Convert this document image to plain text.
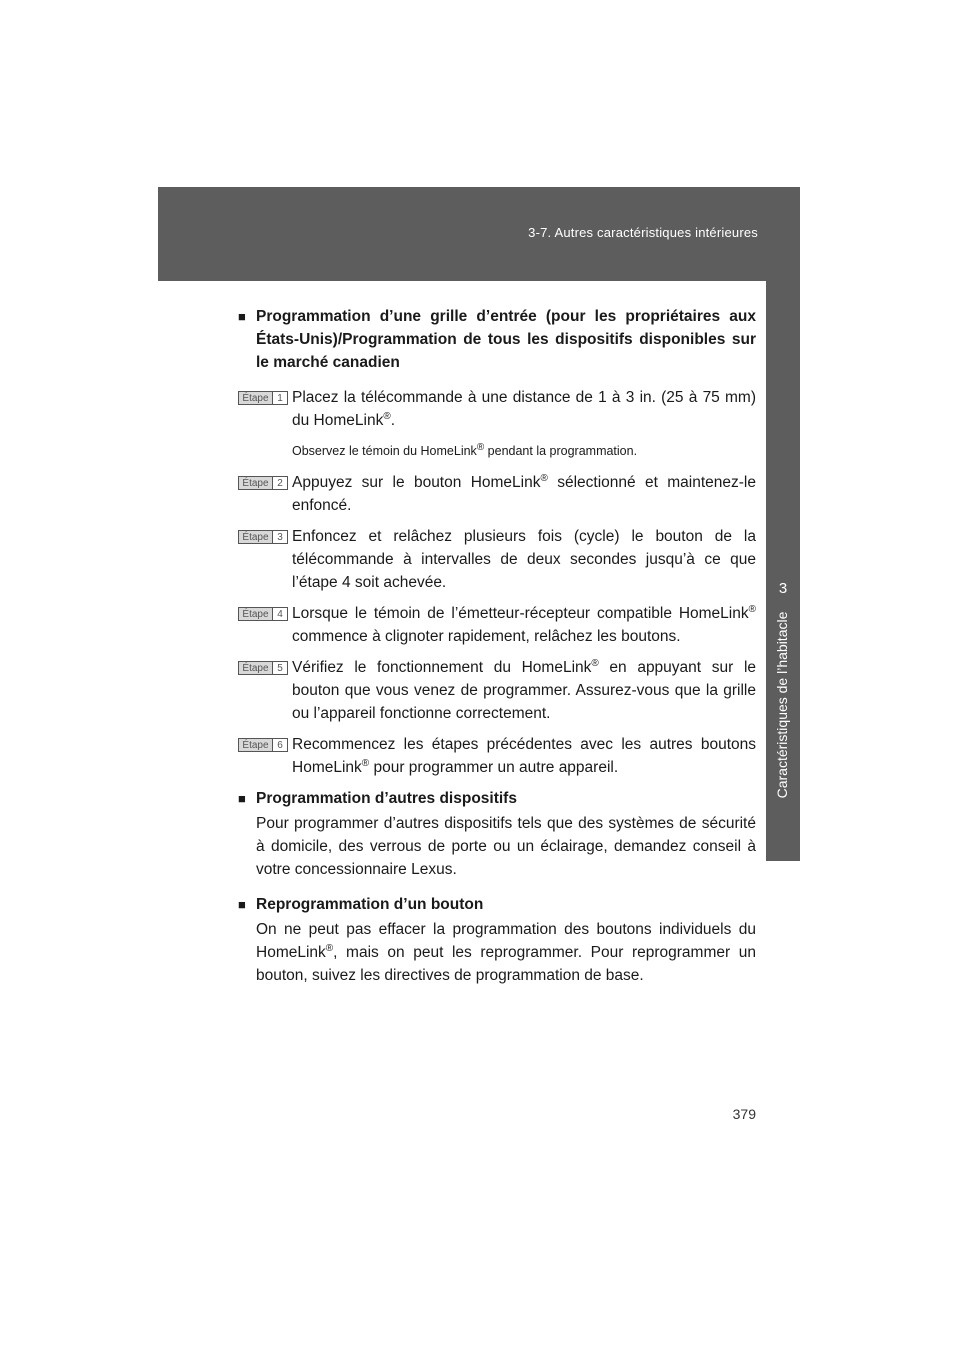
3-7. Autres caractéristiques intérieures
3
Caractéristiques de l’habitacle
■ Programmation d’une grille d’entrée (pour les propriétaires aux États-Unis)/Programmation de tous les dispositifs disponibles sur le marché canadien
Étape 1 Placez la télécommande à une distance de 1 à 3 in. (25 à 75 mm) du HomeLink®.
Observez le témoin du HomeLink® pendant la programmation.
Étape 2 Appuyez sur le bouton HomeLink® sélectionné et maintenez-le enfoncé.
Étape 3 Enfoncez et relâchez plusieurs fois (cycle) le bouton de la télécommande à intervalles de deux secondes jusqu’à ce que l’étape 4 soit achevée.
Étape 4 Lorsque le témoin de l’émetteur-récepteur compatible HomeLink® commence à clignoter rapidement, relâchez les boutons.
Étape 5 Vérifiez le fonctionnement du HomeLink® en appuyant sur le bouton que vous venez de programmer. Assurez-vous que la grille ou l’appareil fonctionne correctement.
Étape 6 Recommencez les étapes précédentes avec les autres boutons HomeLink® pour programmer un autre appareil.
■ Programmation d’autres dispositifs
Pour programmer d’autres dispositifs tels que des systèmes de sécurité à domicile, des verrous de porte ou un éclairage, demandez conseil à votre concessionnaire Lexus.
■ Reprogrammation d’un bouton
On ne peut pas effacer la programmation des boutons individuels du HomeLink®, mais on peut les reprogrammer. Pour reprogrammer un bouton, suivez les directives de programmation de base.
379
